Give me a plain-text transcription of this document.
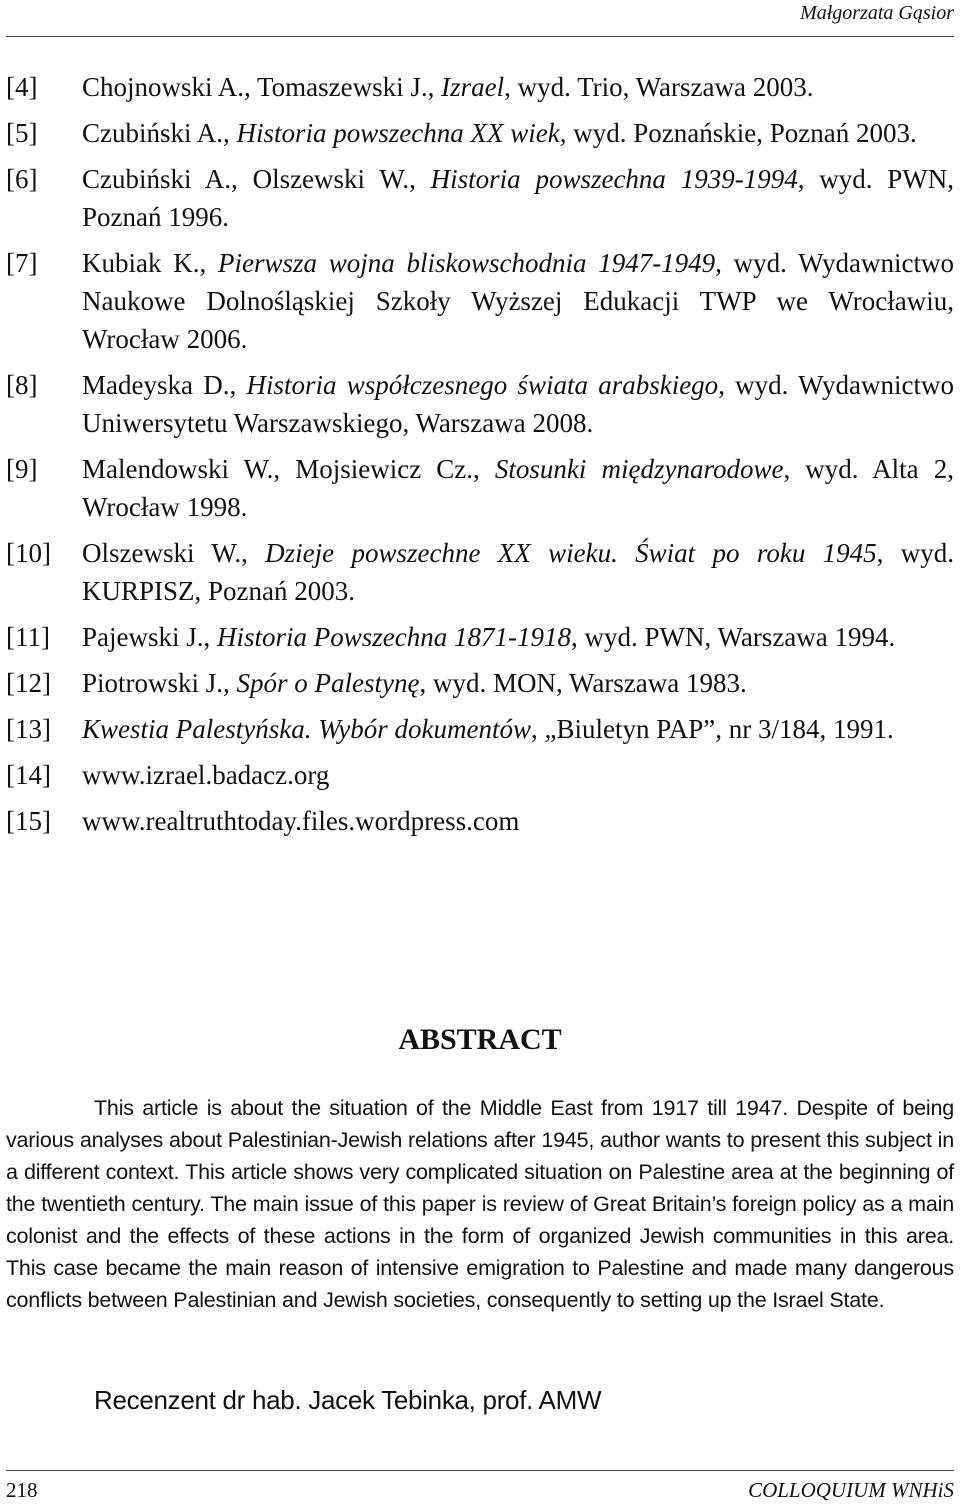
Małgorzata Gąsior
[4]	Chojnowski A., Tomaszewski J., Izrael, wyd. Trio, Warszawa 2003.
[5]	Czubiński A., Historia powszechna XX wiek, wyd. Poznańskie, Poznań 2003.
[6]	Czubiński A., Olszewski W., Historia powszechna 1939-1994, wyd. PWN, Poznań 1996.
[7]	Kubiak K., Pierwsza wojna bliskowschodnia 1947-1949, wyd. Wydawnictwo Naukowe Dolnośląskiej Szkoły Wyższej Edukacji TWP we Wrocławiu, Wrocław 2006.
[8]	Madeyska D., Historia współczesnego świata arabskiego, wyd. Wydawnictwo Uniwersytetu Warszawskiego, Warszawa 2008.
[9]	Malendowski W., Mojsiewicz Cz., Stosunki międzynarodowe, wyd. Alta 2, Wrocław 1998.
[10]	Olszewski W., Dzieje powszechne XX wieku. Świat po roku 1945, wyd. KURPISZ, Poznań 2003.
[11]	Pajewski J., Historia Powszechna 1871-1918, wyd. PWN, Warszawa 1994.
[12]	Piotrowski J., Spór o Palestynę, wyd. MON, Warszawa 1983.
[13]	Kwestia Palestyńska. Wybór dokumentów, „Biuletyn PAP”, nr 3/184, 1991.
[14]	www.izrael.badacz.org
[15]	www.realtruthtoday.files.wordpress.com
ABSTRACT
This article is about the situation of the Middle East from 1917 till 1947. Despite of being various analyses about Palestinian-Jewish relations after 1945, author wants to present this subject in a different context. This article shows very complicated situation on Palestine area at the beginning of the twentieth century. The main issue of this paper is review of Great Britain’s foreign policy as a main colonist and the effects of these actions in the form of organized Jewish communities in this area. This case became the main reason of intensive emigration to Palestine and made many dangerous conflicts between Palestinian and Jewish societies, consequently to setting up the Israel State.
Recenzent dr hab. Jacek Tebinka, prof. AMW
218	COLLOQUIUM WNHiS
